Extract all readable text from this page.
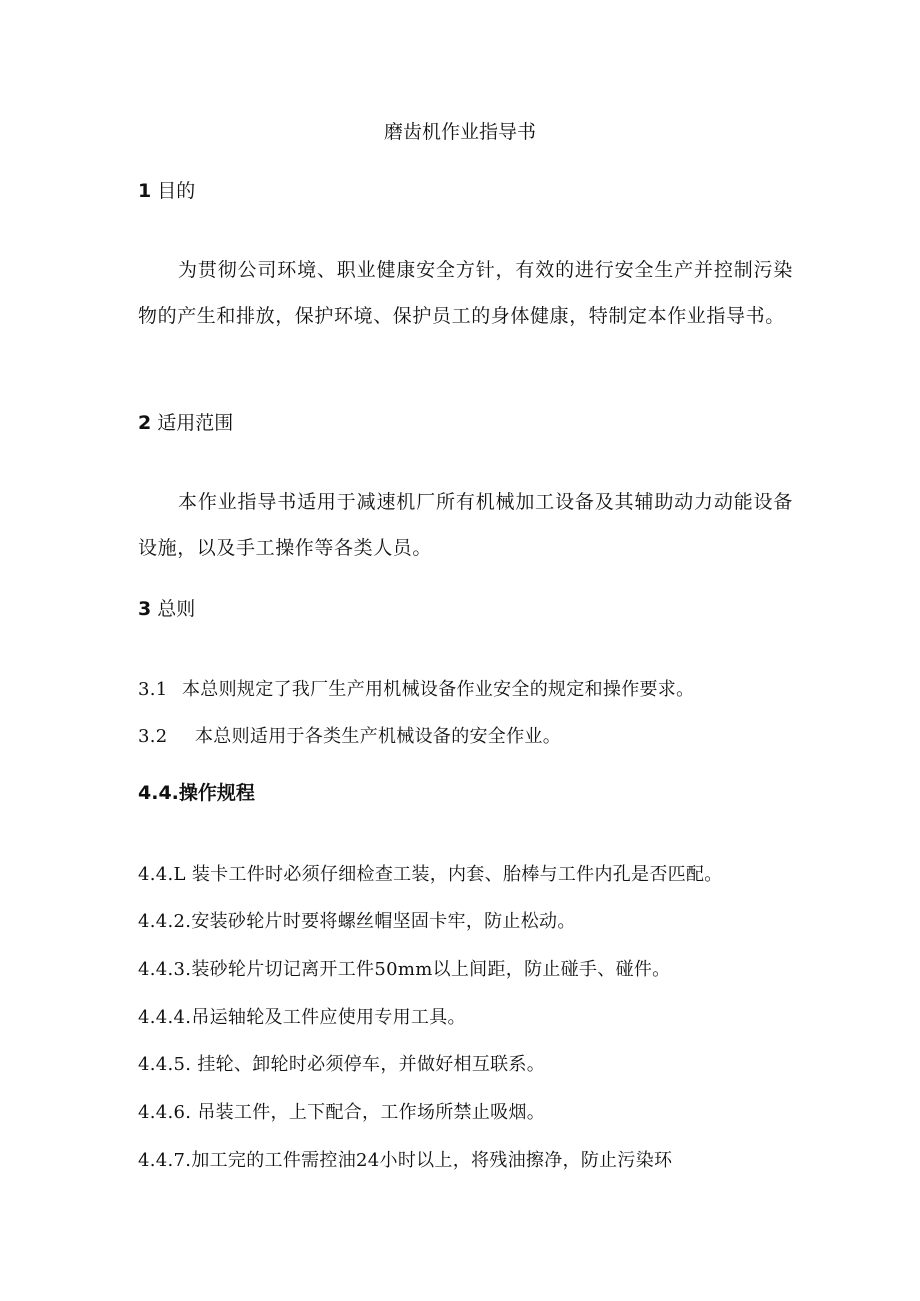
磨齿机作业指导书
1 目的
为贯彻公司环境、职业健康安全方针，有效的进行安全生产并控制污染物的产生和排放，保护环境、保护员工的身体健康，特制定本作业指导书。
2 适用范围
本作业指导书适用于减速机厂所有机械加工设备及其辅助动力动能设备设施，以及手工操作等各类人员。
3 总则
3.1 本总则规定了我厂生产用机械设备作业安全的规定和操作要求。
3.2 本总则适用于各类生产机械设备的安全作业。
4.4.操作规程
4.4.L 装卡工件时必须仔细检查工装，内套、胎棒与工件内孔是否匹配。
4.4.2.安装砂轮片时要将螺丝帽坚固卡牢，防止松动。
4.4.3.装砂轮片切记离开工件50mm以上间距，防止碰手、碰件。
4.4.4.吊运轴轮及工件应使用专用工具。
4.4.5. 挂轮、卸轮时必须停车，并做好相互联系。
4.4.6. 吊装工件，上下配合，工作场所禁止吸烟。
4.4.7.加工完的工件需控油24小时以上，将残油擦净，防止污染环
